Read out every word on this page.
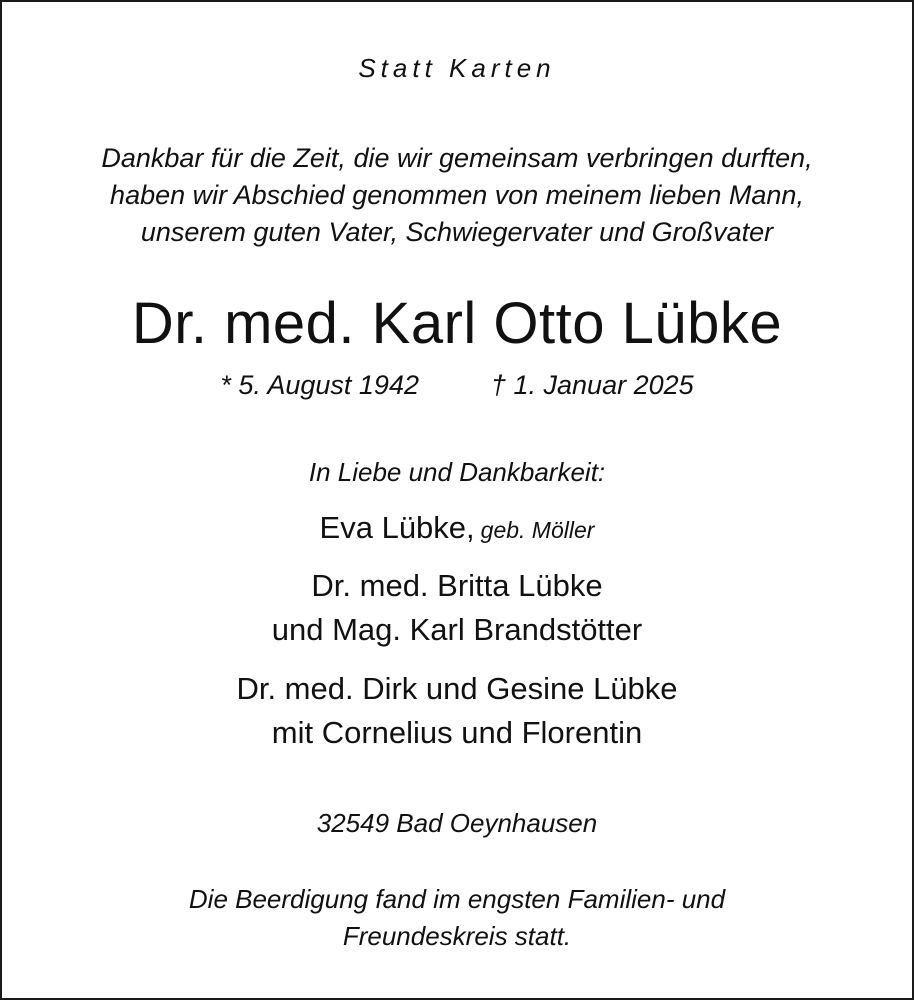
Statt Karten

Dankbar für die Zeit, die wir gemeinsam verbringen durften,
haben wir Abschied genommen von meinem lieben Mann,
unserem guten Vater, Schwiegervater und Großvater
Dr. med. Karl Otto Lübke

* 5. August 1942	† 1. Januar 2025

In Liebe und Dankbarkeit:

Eva Lübke, geb. Möller

Dr. med. Britta Lübke
und Mag. Karl Brandstötter
Dr. med. Dirk und Gesine Lübke
mit Cornelius und Florentin

32549 Bad Oeynhausen

Die Beerdigung fand im engsten Familien- und
Freundeskreis statt.
